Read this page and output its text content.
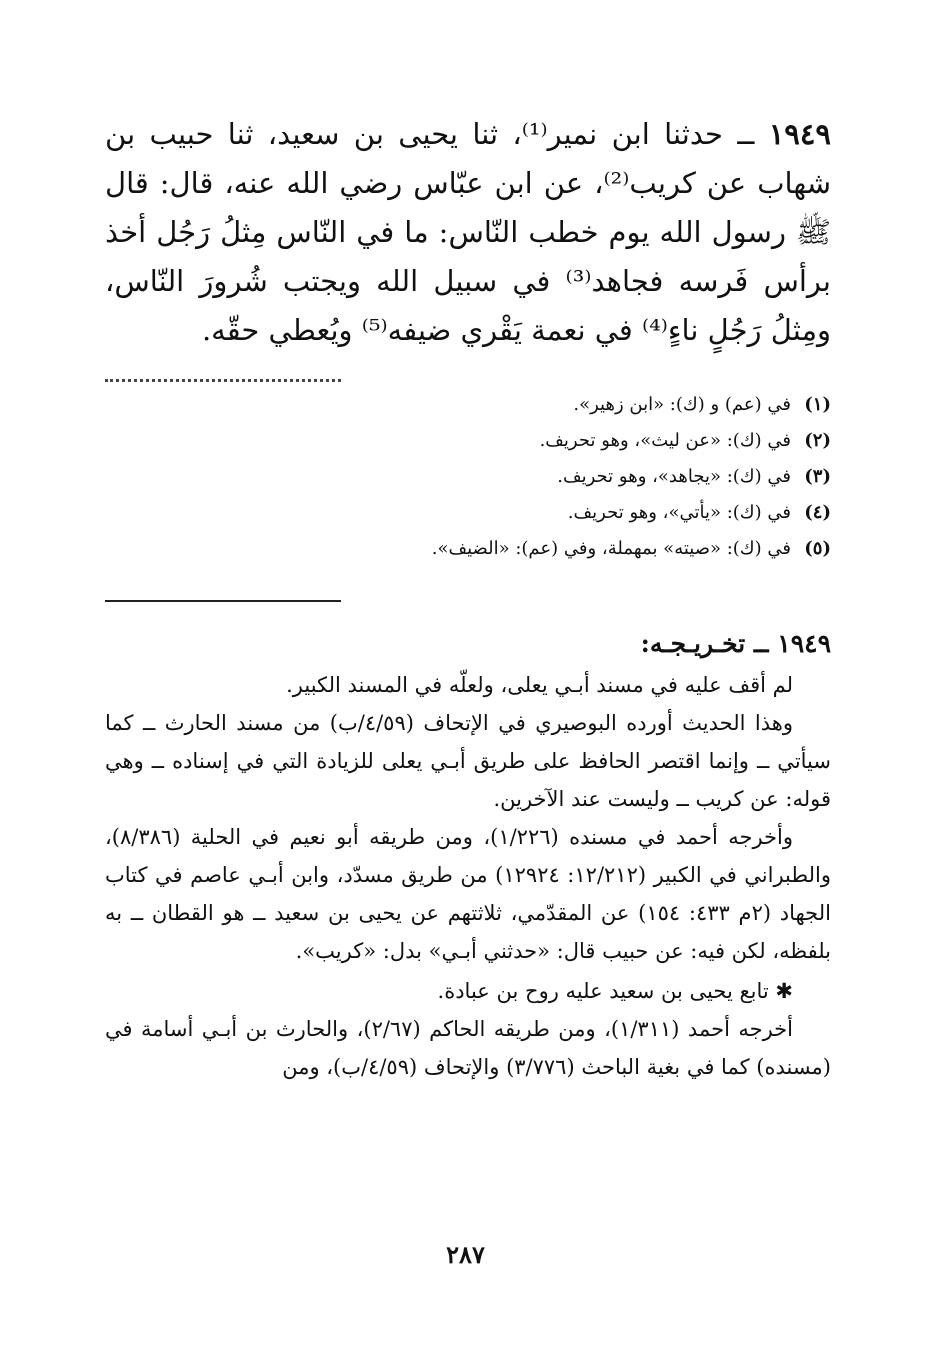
١٩٤٩ ــ حدثنا ابن نمير⁽¹⁾، ثنا يحيى بن سعيد، ثنا حبيب بن شهاب عن كريب⁽²⁾، عن ابن عبّاس رضي الله عنه، قال: قال ﷺ رسول الله يوم خطب النّاس: ما في النّاس مِثلُ رَجُل أخذ برأس فَرسه فجاهد⁽³⁾ في سبيل الله ويجتب شُرورَ النّاس، ومِثلُ رَجُلٍ ناءٍ⁽⁴⁾ في نعمة يَقْري ضيفه⁽⁵⁾ ويُعطي حقّه.

(١)في (عم) و (ك): «ابن زهير».

(٢)في (ك): «عن ليث»، وهو تحريف.

(٣)في (ك): «يجاهد»، وهو تحريف.

(٤)في (ك): «يأتي»، وهو تحريف.

(٥)في (ك): «صيته» بمهملة، وفي (عم): «الضيف».

١٩٤٩ ــ تخـريـجـه:

لم أقف عليه في مسند أبـي يعلى، ولعلّه في المسند الكبير.

وهذا الحديث أورده البوصيري في الإتحاف (٤/٥٩/ب) من مسند الحارث ــ كما سيأتي ــ وإنما اقتصر الحافظ على طريق أبـي يعلى للزيادة التي في إسناده ــ وهي قوله: عن كريب ــ وليست عند الآخرين.

وأخرجه أحمد في مسنده (١/٢٢٦)، ومن طريقه أبو نعيم في الحلية (٨/٣٨٦)، والطبراني في الكبير (١٢/٢١٢: ١٢٩٢٤) من طريق مسدّد، وابن أبـي عاصم في كتاب الجهاد (٢م ٤٣٣: ١٥٤) عن المقدّمي، ثلاثتهم عن يحيى بن سعيد ــ هو القطان ــ به بلفظه، لكن فيه: عن حبيب قال: «حدثني أبـي» بدل: «كريب».

✱ تابع يحيى بن سعيد عليه روح بن عبادة.

أخرجه أحمد (١/٣١١)، ومن طريقه الحاكم (٢/٦٧)، والحارث بن أبـي أسامة في (مسنده) كما في بغية الباحث (٣/٧٧٦) والإتحاف (٤/٥٩/ب)، ومن

٢٨٧
